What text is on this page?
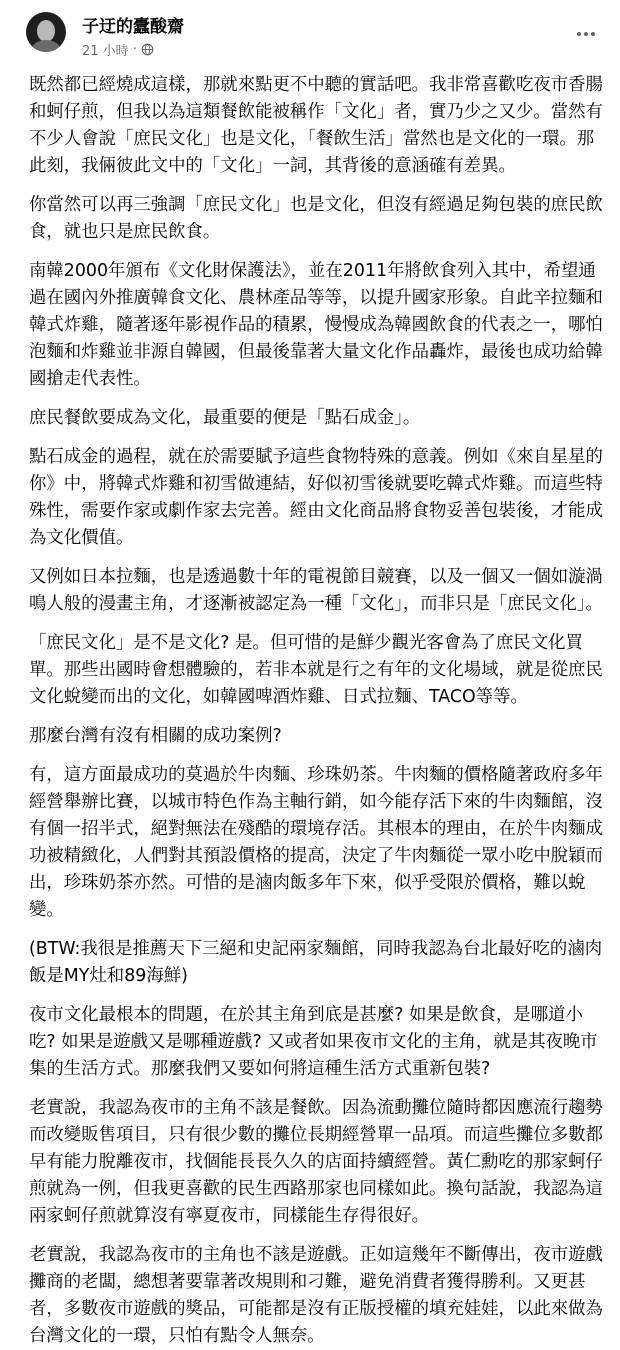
子迂的蠹酸齋
21 小時 ·

既然都已經燒成這樣，那就來點更不中聽的實話吧。我非常喜歡吃夜市香腸和蚵仔煎，但我以為這類餐飲能被稱作「文化」者，實乃少之又少。當然有不少人會說「庶民文化」也是文化，「餐飲生活」當然也是文化的一環。那此刻，我倆彼此文中的「文化」一詞，其背後的意涵確有差異。

你當然可以再三強調「庶民文化」也是文化，但沒有經過足夠包裝的庶民飲食，就也只是庶民飲食。

南韓2000年頒布《文化財保護法》，並在2011年將飲食列入其中，希望通過在國內外推廣韓食文化、農林產品等等，以提升國家形象。自此辛拉麵和韓式炸雞，隨著逐年影視作品的積累，慢慢成為韓國飲食的代表之一，哪怕泡麵和炸雞並非源自韓國，但最後靠著大量文化作品轟炸，最後也成功給韓國搶走代表性。

庶民餐飲要成為文化，最重要的便是「點石成金」。

點石成金的過程，就在於需要賦予這些食物特殊的意義。例如《來自星星的你》中，將韓式炸雞和初雪做連結，好似初雪後就要吃韓式炸雞。而這些特殊性，需要作家或劇作家去完善。經由文化商品將食物妥善包裝後，才能成為文化價值。

又例如日本拉麵，也是透過數十年的電視節目競賽，以及一個又一個如漩渦鳴人般的漫畫主角，才逐漸被認定為一種「文化」，而非只是「庶民文化」。

「庶民文化」是不是文化? 是。但可惜的是鮮少觀光客會為了庶民文化買單。那些出國時會想體驗的，若非本就是行之有年的文化場域，就是從庶民文化蛻變而出的文化，如韓國啤酒炸雞、日式拉麵、TACO等等。

那麼台灣有沒有相關的成功案例?

有，這方面最成功的莫過於牛肉麵、珍珠奶茶。牛肉麵的價格隨著政府多年經營舉辦比賽，以城市特色作為主軸行銷，如今能存活下來的牛肉麵館，沒有個一招半式，絕對無法在殘酷的環境存活。其根本的理由，在於牛肉麵成功被精緻化，人們對其預設價格的提高，決定了牛肉麵從一眾小吃中脫穎而出，珍珠奶茶亦然。可惜的是滷肉飯多年下來，似乎受限於價格，難以蛻變。

(BTW:我很是推薦天下三絕和史記兩家麵館，同時我認為台北最好吃的滷肉飯是MY灶和89海鮮)

夜市文化最根本的問題，在於其主角到底是甚麼? 如果是飲食，是哪道小吃? 如果是遊戲又是哪種遊戲? 又或者如果夜市文化的主角，就是其夜晚市集的生活方式。那麼我們又要如何將這種生活方式重新包裝?

老實說，我認為夜市的主角不該是餐飲。因為流動攤位隨時都因應流行趨勢而改變販售項目，只有很少數的攤位長期經營單一品項。而這些攤位多數都早有能力脫離夜市，找個能長長久久的店面持續經營。黃仁勳吃的那家蚵仔煎就為一例，但我更喜歡的民生西路那家也同樣如此。換句話說，我認為這兩家蚵仔煎就算沒有寧夏夜市，同樣能生存得很好。

老實說，我認為夜市的主角也不該是遊戲。正如這幾年不斷傳出，夜市遊戲攤商的老闆，總想著要靠著改規則和刁難，避免消費者獲得勝利。又更甚者，多數夜市遊戲的獎品，可能都是沒有正版授權的填充娃娃，以此來做為台灣文化的一環，只怕有點令人無奈。
